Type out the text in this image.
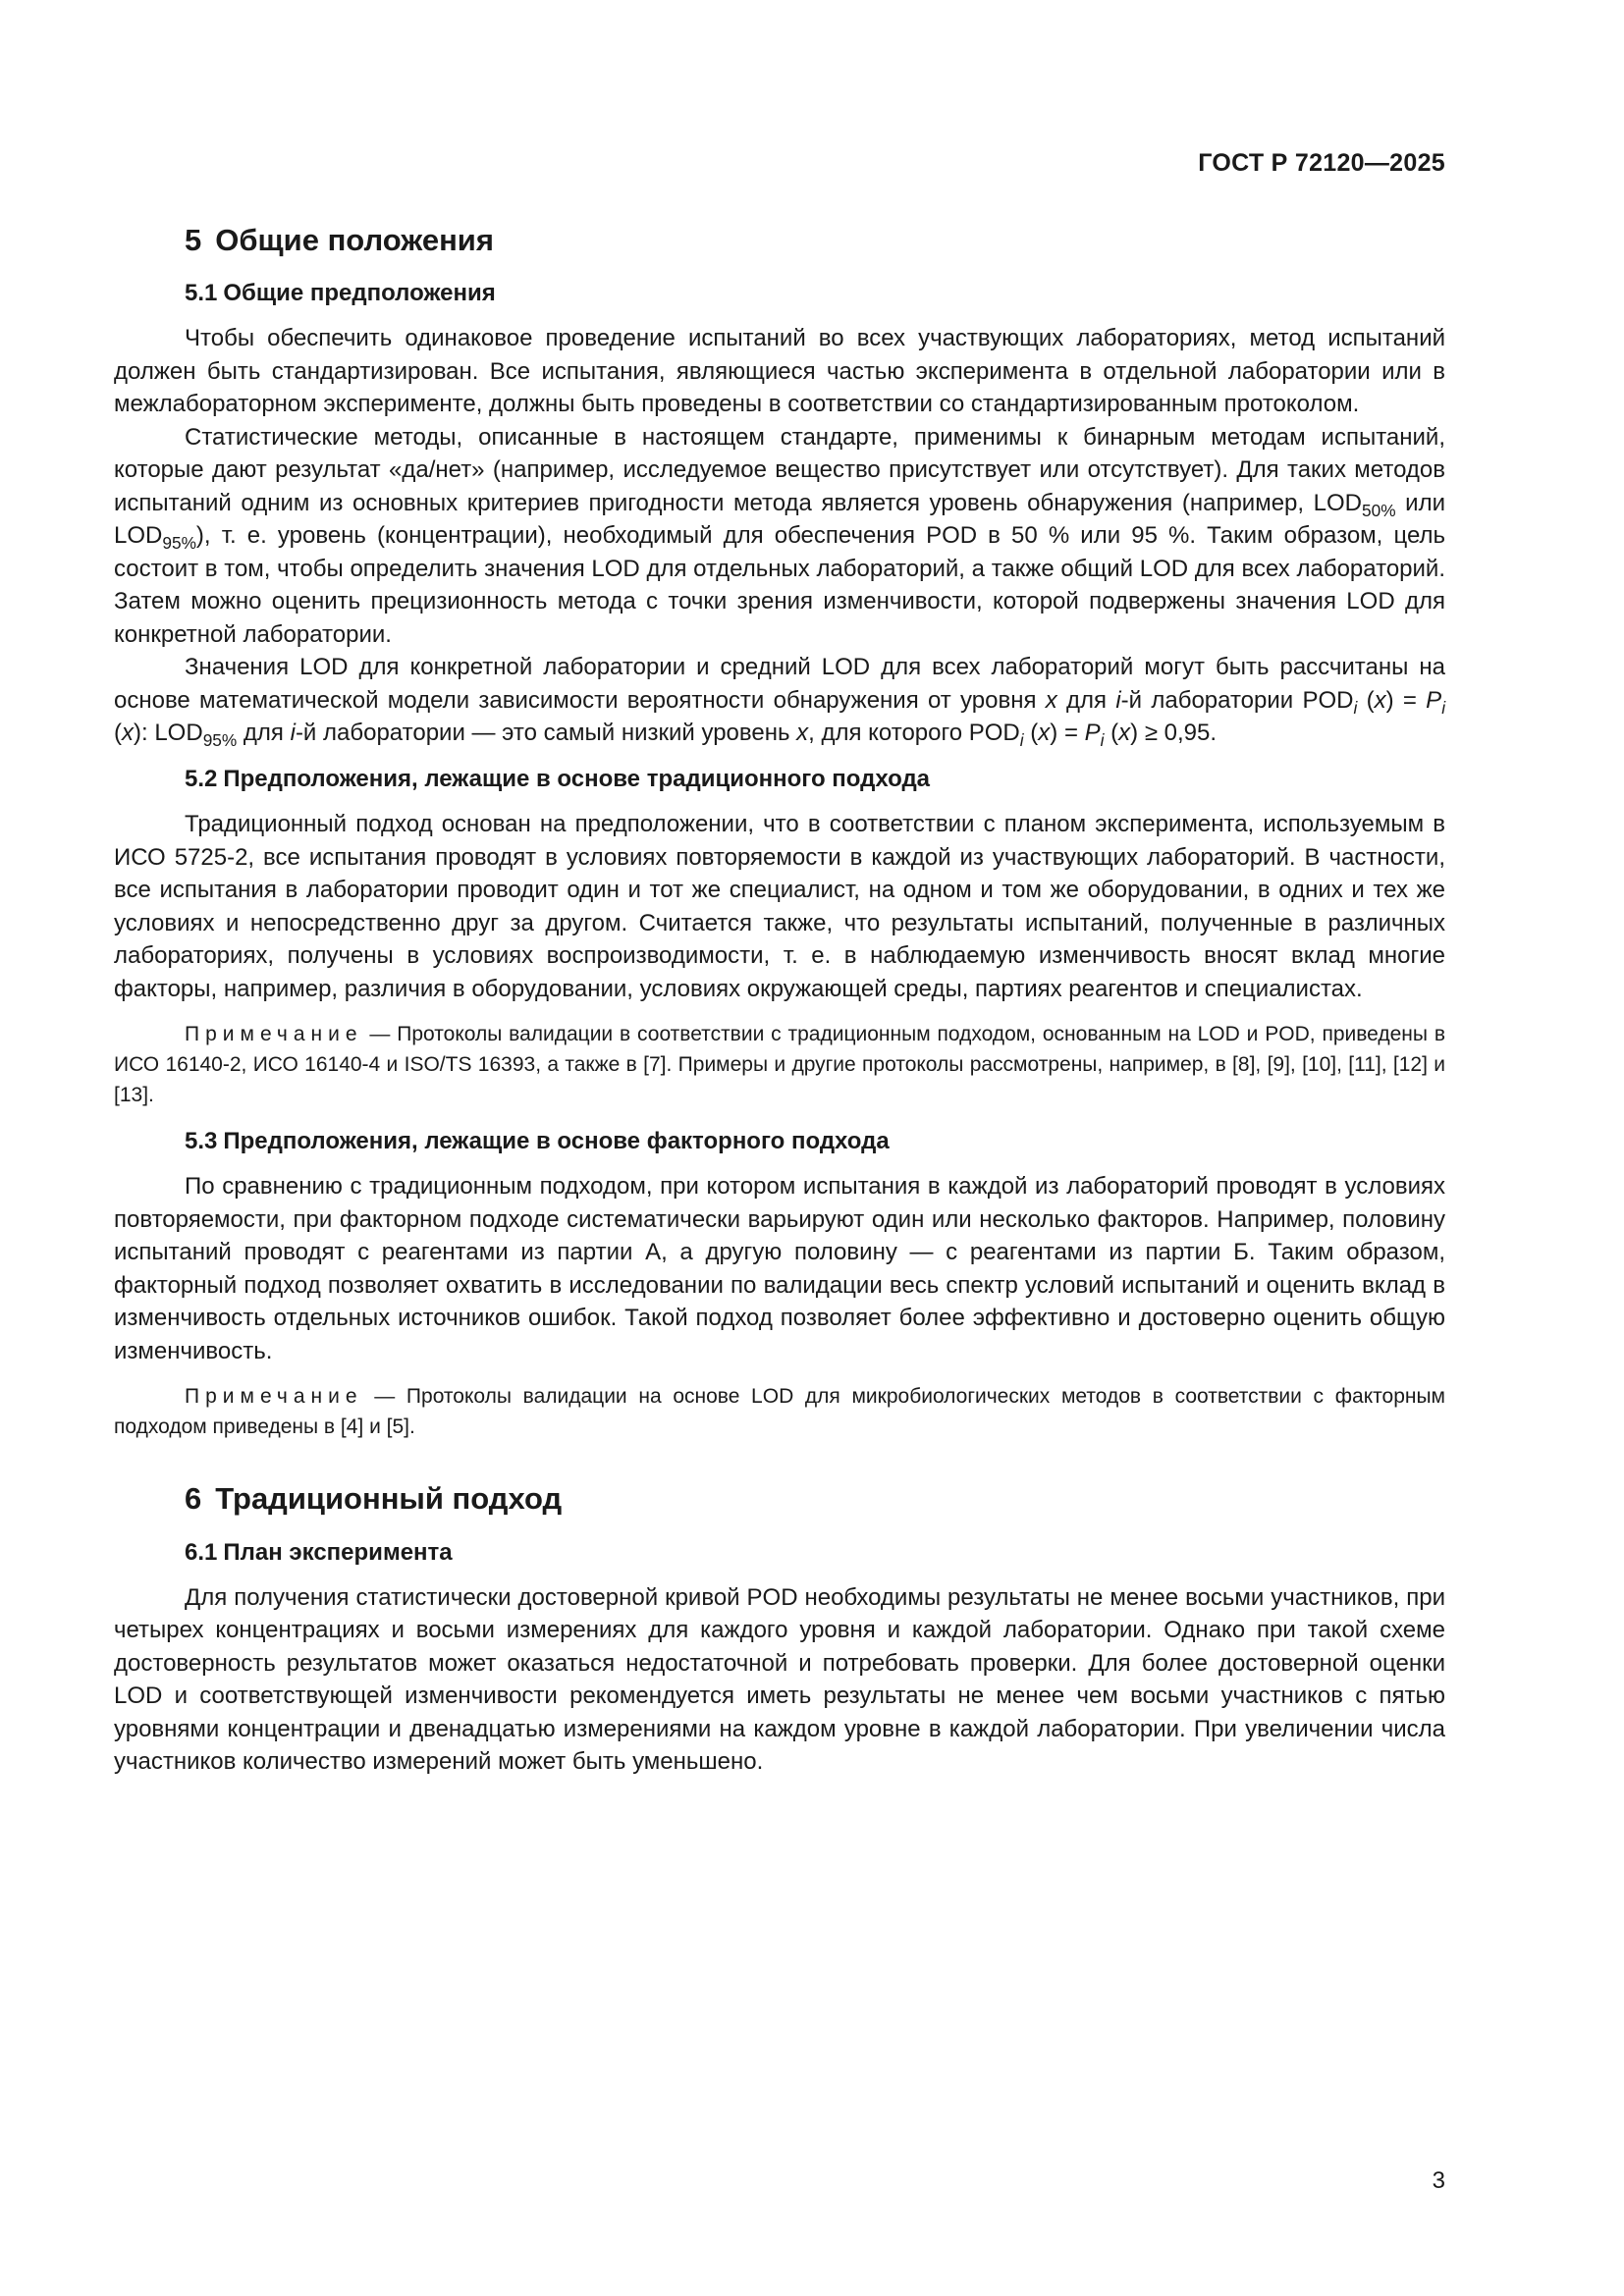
ГОСТ Р 72120—2025
5 Общие положения
5.1 Общие предположения

Чтобы обеспечить одинаковое проведение испытаний во всех участвующих лабораториях, метод испытаний должен быть стандартизирован. Все испытания, являющиеся частью эксперимента в отдельной лаборатории или в межлабораторном эксперименте, должны быть проведены в соответствии со стандартизированным протоколом.

Статистические методы, описанные в настоящем стандарте, применимы к бинарным методам испытаний, которые дают результат «да/нет» (например, исследуемое вещество присутствует или отсутствует). Для таких методов испытаний одним из основных критериев пригодности метода является уровень обнаружения (например, $LOD_{50\%}$ или $LOD_{95\%}$), т. е. уровень (концентрации), необходимый для обеспечения POD в 50 % или 95 %. Таким образом, цель состоит в том, чтобы определить значения LOD для отдельных лабораторий, а также общий LOD для всех лабораторий. Затем можно оценить прецизионность метода с точки зрения изменчивости, которой подвержены значения LOD для конкретной лаборатории.

Значения LOD для конкретной лаборатории и средний LOD для всех лабораторий могут быть рассчитаны на основе математической модели зависимости вероятности обнаружения от уровня x для i-й лаборатории $POD_i$ $(x) = P_i$ (x): $LOD_{95\%}$ для i-й лаборатории — это самый низкий уровень x, для которого $POD_i$ $(x) = P_i$ (x) ≥ 0,95.

5.2 Предположения, лежащие в основе традиционного подхода

Традиционный подход основан на предположении, что в соответствии с планом эксперимента, используемым в ИСО 5725-2, все испытания проводят в условиях повторяемости в каждой из участвующих лабораторий. В частности, все испытания в лаборатории проводит один и тот же специалист, на одном и том же оборудовании, в одних и тех же условиях и непосредственно друг за другом. Считается также, что результаты испытаний, полученные в различных лабораториях, получены в условиях воспроизводимости, т. е. в наблюдаемую изменчивость вносят вклад многие факторы, например, различия в оборудовании, условиях окружающей среды, партиях реагентов и специалистах.

Примечание — Протоколы валидации в соответствии с традиционным подходом, основанным на LOD и POD, приведены в ИСО 16140-2, ИСО 16140-4 и ISO/TS 16393, а также в [7]. Примеры и другие протоколы рассмотрены, например, в [8], [9], [10], [11], [12] и [13].
5.3 Предположения, лежащие в основе факторного подхода

По сравнению с традиционным подходом, при котором испытания в каждой из лабораторий проводят в условиях повторяемости, при факторном подходе систематически варьируют один или несколько факторов. Например, половину испытаний проводят с реагентами из партии А, а другую половину — с реагентами из партии Б. Таким образом, факторный подход позволяет охватить в исследовании по валидации весь спектр условий испытаний и оценить вклад в изменчивость отдельных источников ошибок. Такой подход позволяет более эффективно и достоверно оценить общую изменчивость.

Примечание — Протоколы валидации на основе LOD для микробиологических методов в соответствии с факторным подходом приведены в [4] и [5].
6 Традиционный подход
6.1 План эксперимента

Для получения статистически достоверной кривой POD необходимы результаты не менее восьми участников, при четырех концентрациях и восьми измерениях для каждого уровня и каждой лаборатории. Однако при такой схеме достоверность результатов может оказаться недостаточной и потребовать проверки. Для более достоверной оценки LOD и соответствующей изменчивости рекомендуется иметь результаты не менее чем восьми участников с пятью уровнями концентрации и двенадцатью измерениями на каждом уровне в каждой лаборатории. При увеличении числа участников количество измерений может быть уменьшено.

3
